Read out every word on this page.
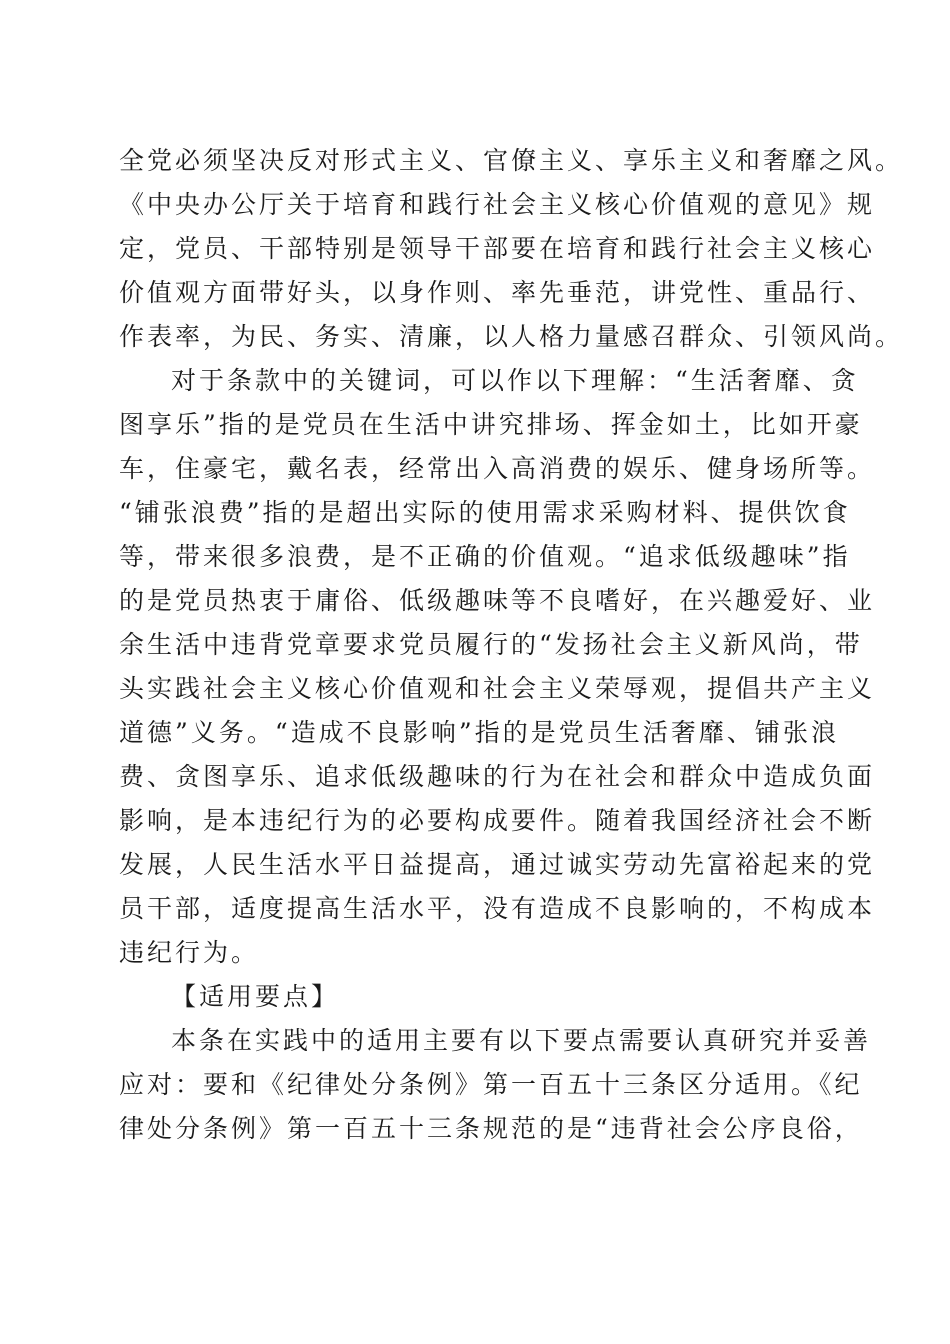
全党必须坚决反对形式主义、官僚主义、享乐主义和奢靡之风。
《中央办公厅关于培育和践行社会主义核心价值观的意见》规
定，党员、干部特别是领导干部要在培育和践行社会主义核心
价值观方面带好头，以身作则、率先垂范，讲党性、重品行、
作表率，为民、务实、清廉，以人格力量感召群众、引领风尚。
对于条款中的关键词，可以作以下理解：“生活奢靡、贪
图享乐”指的是党员在生活中讲究排场、挥金如土，比如开豪
车，住豪宅，戴名表，经常出入高消费的娱乐、健身场所等。
“铺张浪费”指的是超出实际的使用需求采购材料、提供饮食
等，带来很多浪费，是不正确的价值观。“追求低级趣味”指
的是党员热衷于庸俗、低级趣味等不良嗜好，在兴趣爱好、业
余生活中违背党章要求党员履行的“发扬社会主义新风尚，带
头实践社会主义核心价值观和社会主义荣辱观，提倡共产主义
道德”义务。“造成不良影响”指的是党员生活奢靡、铺张浪
费、贪图享乐、追求低级趣味的行为在社会和群众中造成负面
影响，是本违纪行为的必要构成要件。随着我国经济社会不断
发展，人民生活水平日益提高，通过诚实劳动先富裕起来的党
员干部，适度提高生活水平，没有造成不良影响的，不构成本
违纪行为。
【适用要点】
本条在实践中的适用主要有以下要点需要认真研究并妥善
应对：要和《纪律处分条例》第一百五十三条区分适用。《纪
律处分条例》第一百五十三条规范的是“违背社会公序良俗，
